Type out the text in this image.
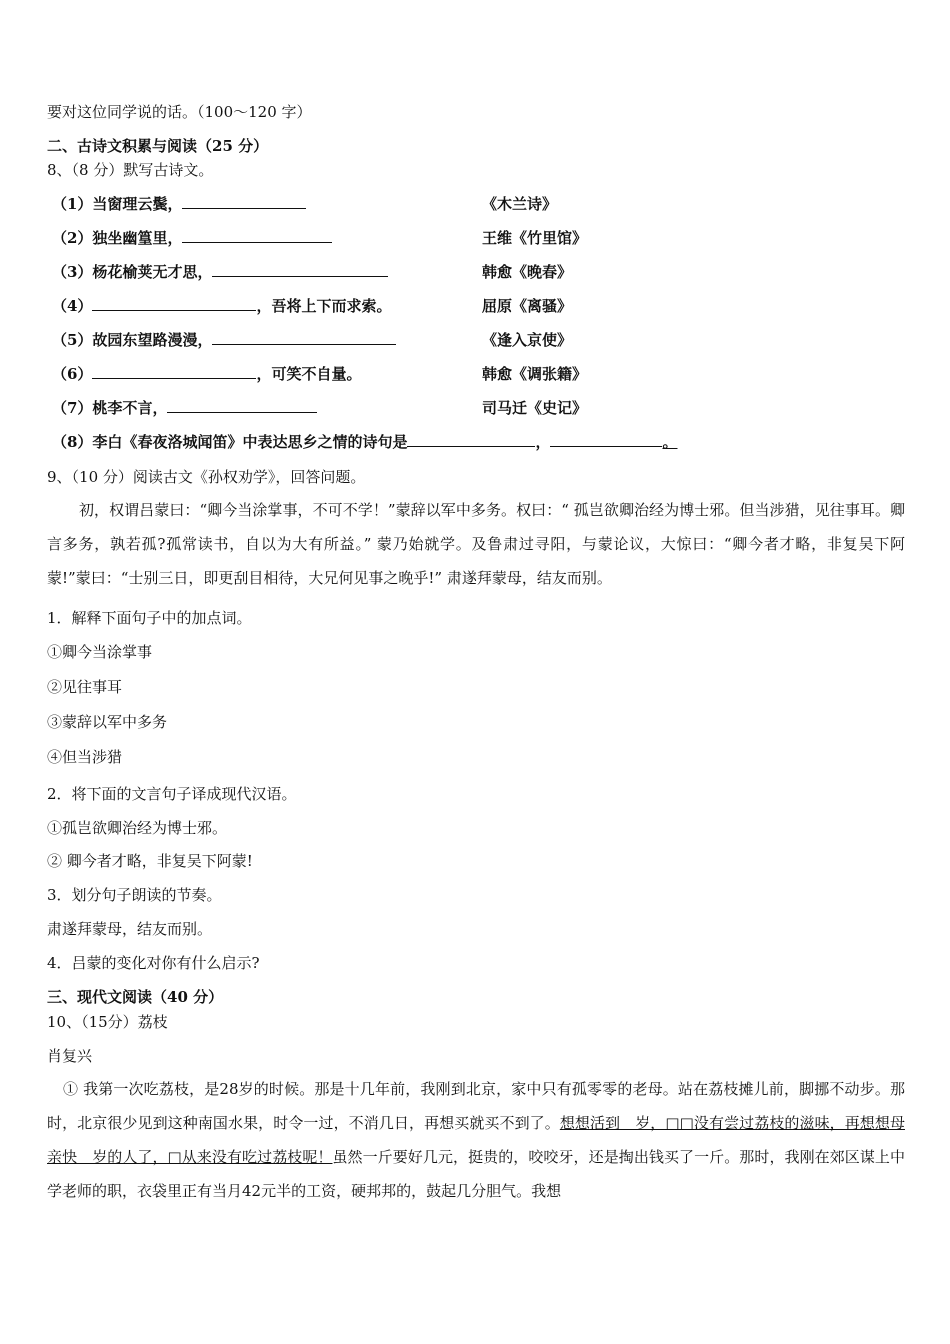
要对这位同学说的话。（100～120 字）
二、古诗文积累与阅读（25 分）
8、（8 分）默写古诗文。
（1）当窗理云鬓，	《木兰诗》
（2）独坐幽篁里，	王维《竹里馆》
（3）杨花榆荚无才思，	韩愈《晚春》
（4）	，吾将上下而求索。	屈原《离骚》
（5）故园东望路漫漫，	《逢入京使》
（6）	，可笑不自量。	韩愈《调张籍》
（7）桃李不言，	司马迁《史记》
（8）李白《春夜洛城闻笛》中表达思乡之情的诗句是	，	。
9、（10 分）阅读古文《孙权劝学》，回答问题。
初，权谓吕蒙曰：“卿今当涂掌事，不可不学！”蒙辞以军中多务。权曰：“ 孤岂欲卿治经为博士邪。但当涉猎，见往事耳。卿言多务，孰若孤?孤常读书，自以为大有所益。” 蒙乃始就学。及鲁肃过寻阳，与蒙论议，大惊曰：“卿今者才略，非复吴下阿蒙!”蒙曰：“士别三日，即更刮目相待，大兄何见事之晚乎!” 肃遂拜蒙母，结友而别。
1．解释下面句子中的加点词。
①卿今当涂掌事
②见往事耳
③蒙辞以军中多务
④但当涉猎
2．将下面的文言句子译成现代汉语。
①孤岂欲卿治经为博士邪。
② 卿今者才略，非复吴下阿蒙!
3．划分句子朗读的节奏。
肃遂拜蒙母，结友而别。
4．吕蒙的变化对你有什么启示?
三、现代文阅读（40 分）
10、（15分）荔枝
肖复兴
① 我第一次吃荔枝，是28岁的时候。那是十几年前，我刚到北京，家中只有孤零零的老母。站在荔枝摊儿前，脚挪不动步。那时，北京很少见到这种南国水果，时令一过，不消几日，再想买就买不到了。想想活到　岁，□□没有尝过荔枝的滋味，再想想母亲快　岁的人了，□从来没有吃过荔枝呢！虽然一斤要好几元，挺贵的，咬咬牙，还是掏出钱买了一斤。那时，我刚在郊区谋上中学老师的职，衣袋里正有当月42元半的工资，硬邦邦的，鼓起几分胆气。我想
